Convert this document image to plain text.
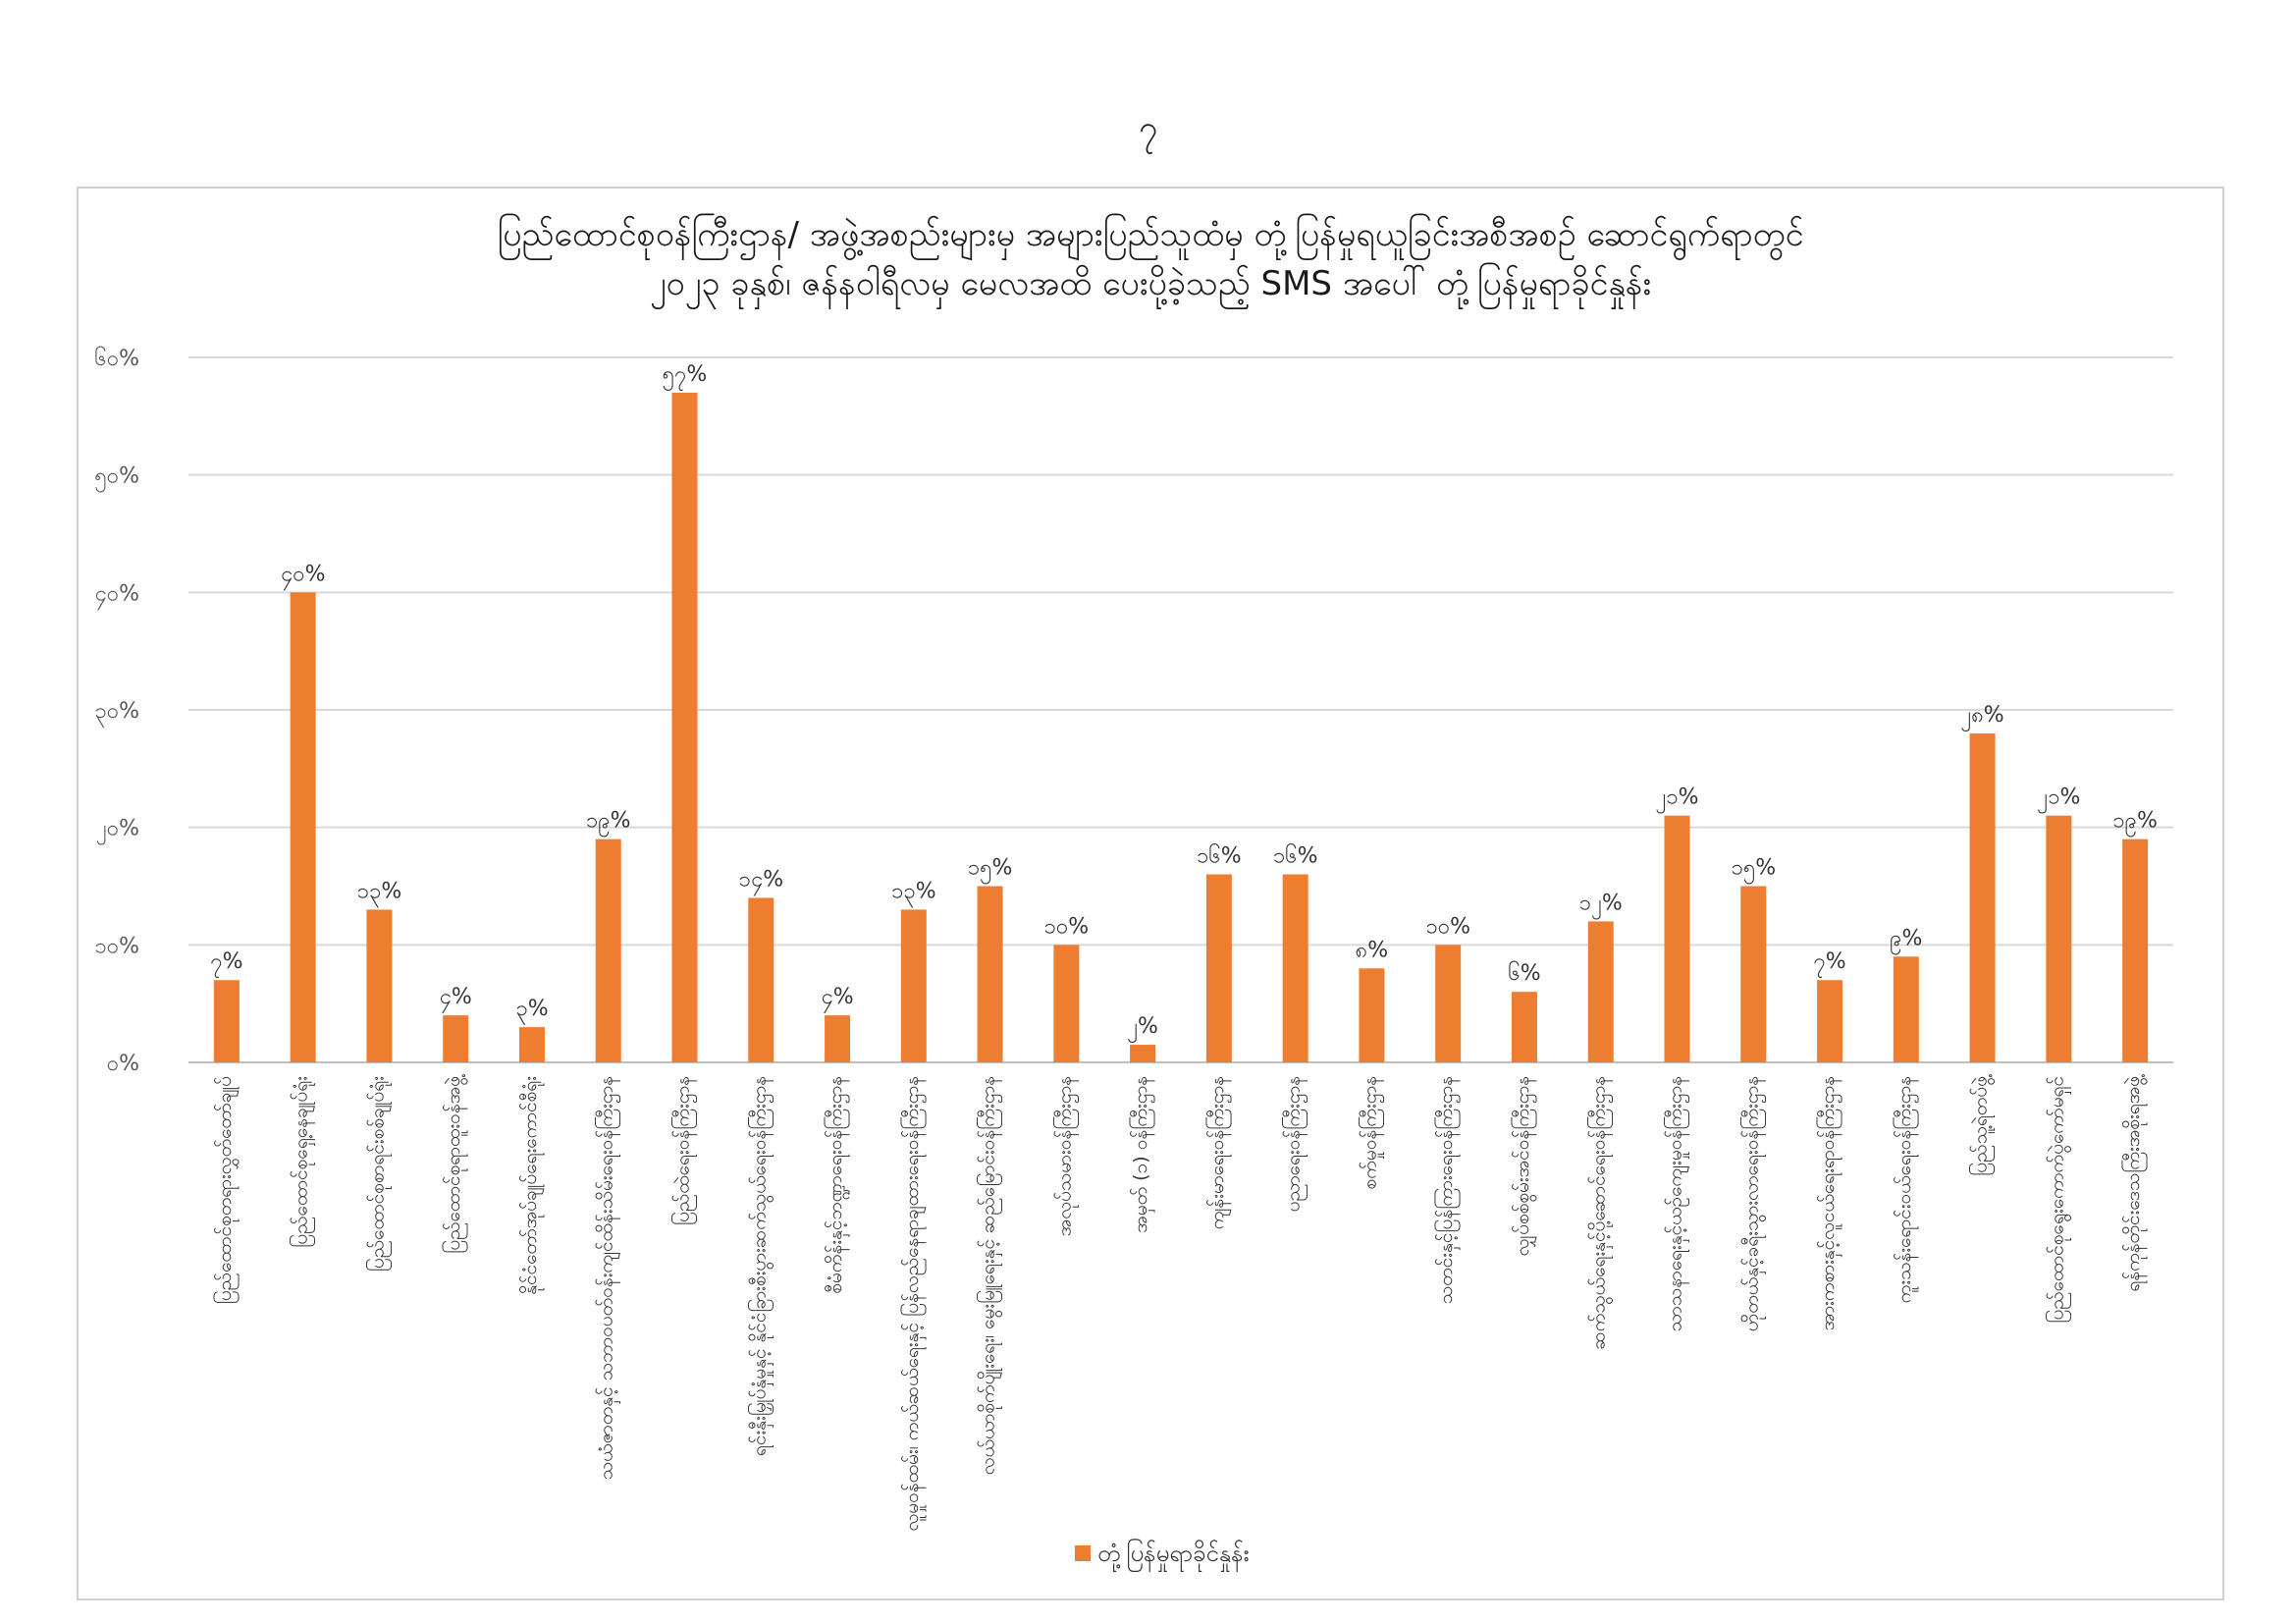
၇
ပြည်ထောင်စုဝန်ကြီးဌာန/ အဖွဲ့အစည်းများမှ အများပြည်သူထံမှ တုံ့ပြန်မှုရယူခြင်းအစီအစဉ် ဆောင်ရွက်ရာတွင်
၂၀၂၃ ခုနှစ်၊ ဇန်နဝါရီလမှ မေလအထိ ပေးပို့ခဲ့သည့် SMS အပေါ် တုံ့ပြန်မှုရာခိုင်နှုန်း
၀%
၁၀%
၂၀%
၃၀%
၄၀%
၅၀%
၆၀%
၇%
၄၀%
၁၃%
၄% ၃%
၁၉%
၅၇%
၁၄%
၄%
၁၃%
၁၅%
၁၀%
၂%
၁၆% ၁၆%
၈%
၁၀%
၆%
၁၂%
၂၁%
၁၅%
၇%
၉%
၂၈%
၂၁%
၁၉%
ပြည်ထောင်စုတရားလွှတ်တော်ချုပ်	ပြည်ထောင်စုရှေ့နေချုပ်ရုံး	ပြည်ထောင်စုစာရင်းစစ်ချုပ်ရုံး	ပြည်ထောင်စုရာထူးဝန်အဖွဲ့	နိုင်ငံတော်အုပ်ချုပ်ရေးကောင်စီရုံး	သယံဇာတနှင့် သဘာဝပတ်ဝန်းကျင်ထိန်းသိမ်းရေးဝန်ကြီးဌာန	ပြည်ထဲရေးဝန်ကြီးဌာန	ရင်းနှီးမြှုပ်နှံမှုနှင့် နိုင်ငံခြားစီးပွားဆက်သွယ်ရေးဝန်ကြီးဌာန	စီမံကိန်းနှင့်ဘဏ္ဍာရေးဝန်ကြီးဌာန	လူမှုဝန်ထမ်း၊ ကယ်ဆယ်ရေးနှင့် ပြန်လည်နေရာချထားရေးဝန်ကြီးဌာန	လယ်ယာစိုက်ပျိုးရေး၊ မွေးမြူရေးနှင့် ဆည်မြောင်းဝန်ကြီးဌာန	အလုပ်သမားဝန်ကြီးဌာန	အမှတ် (၁) ဝန်ကြီးဌာန	ကျန်းမာရေးဝန်ကြီးဌာန	ပညာရေးဝန်ကြီးဌာန	စက်မှုဝန်ကြီးဌာန	သတင်းနှင့်ပြန်ကြားရေးဝန်ကြီးဌာန	လျှပ်စစ်စွမ်းအင်ဝန်ကြီးဌာန	ဆက်သွယ်ရေးနှင့်ပို့ဆောင်ရေးဝန်ကြီးဌာန	သာသနာရေးနှင့်ယဉ်ကျေးမှုဝန်ကြီးဌာန	ဟိုတယ်နှင့်ခရီးသွားလာရေးဝန်ကြီးဌာန	အားကစားနှင့်လူငယ်ရေးရာဝန်ကြီးဌာန	ကူးသန်းရောင်းဝယ်ရေးဝန်ကြီးဌာန	ပြည်သူ့ရဲတပ်ဖွဲ့	ပြည်ထောင်စုရွေးကောက်ပွဲကော်မရှင်	ရန်ကုန်တိုင်းဒေသကြီးအစိုးရအဖွဲ့
တုံ့ပြန်မှုရာခိုင်နှုန်း
